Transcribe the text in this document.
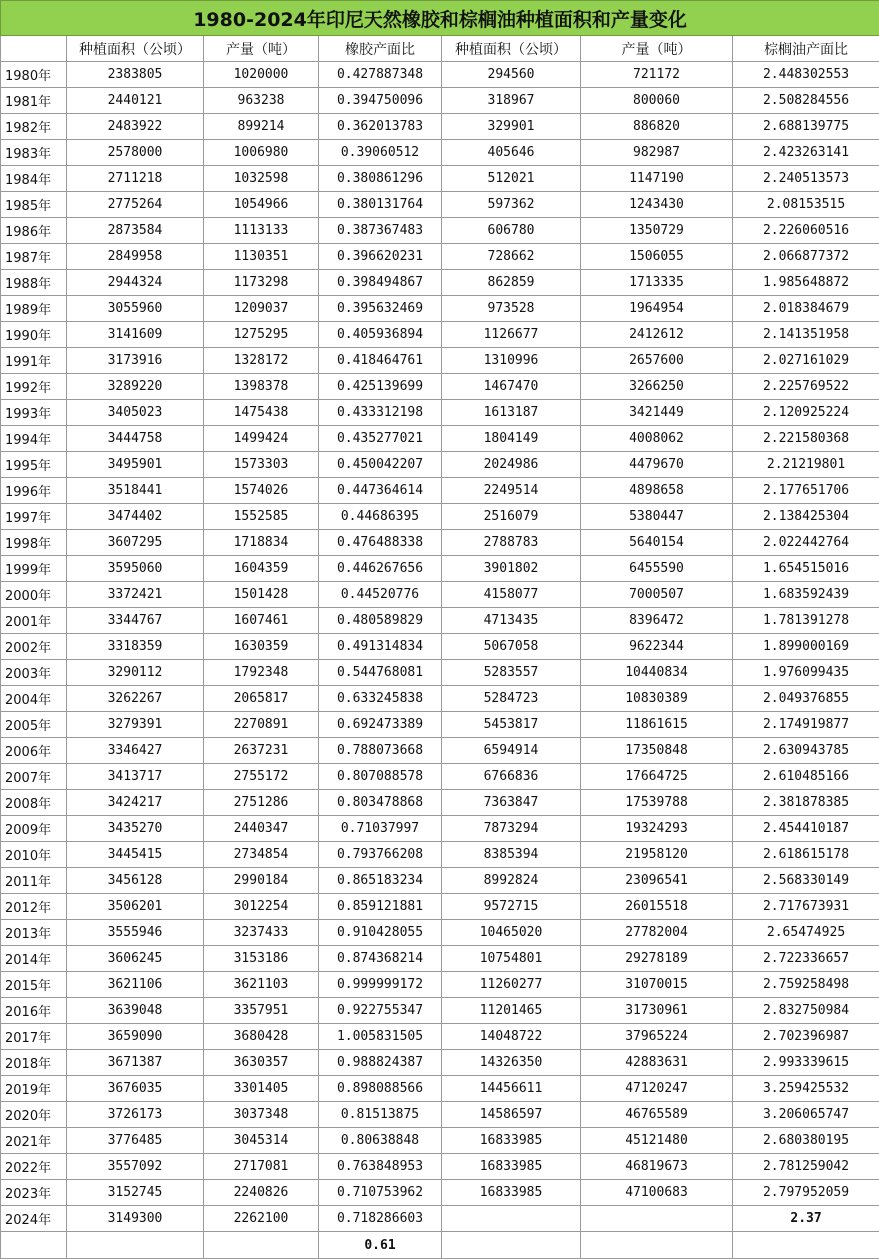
1980-2024年印尼天然橡胶和棕榈油种植面积和产量变化						
	种植面积（公顷）	产量（吨）	橡胶产面比	种植面积（公顷）	产量（吨）	棕榈油产面比
1980年	2383805	1020000	0.427887348	294560	721172	2.448302553
1981年	2440121	963238	0.394750096	318967	800060	2.508284556
1982年	2483922	899214	0.362013783	329901	886820	2.688139775
1983年	2578000	1006980	0.39060512	405646	982987	2.423263141
1984年	2711218	1032598	0.380861296	512021	1147190	2.240513573
1985年	2775264	1054966	0.380131764	597362	1243430	2.08153515
1986年	2873584	1113133	0.387367483	606780	1350729	2.226060516
1987年	2849958	1130351	0.396620231	728662	1506055	2.066877372
1988年	2944324	1173298	0.398494867	862859	1713335	1.985648872
1989年	3055960	1209037	0.395632469	973528	1964954	2.018384679
1990年	3141609	1275295	0.405936894	1126677	2412612	2.141351958
1991年	3173916	1328172	0.418464761	1310996	2657600	2.027161029
1992年	3289220	1398378	0.425139699	1467470	3266250	2.225769522
1993年	3405023	1475438	0.433312198	1613187	3421449	2.120925224
1994年	3444758	1499424	0.435277021	1804149	4008062	2.221580368
1995年	3495901	1573303	0.450042207	2024986	4479670	2.21219801
1996年	3518441	1574026	0.447364614	2249514	4898658	2.177651706
1997年	3474402	1552585	0.44686395	2516079	5380447	2.138425304
1998年	3607295	1718834	0.476488338	2788783	5640154	2.022442764
1999年	3595060	1604359	0.446267656	3901802	6455590	1.654515016
2000年	3372421	1501428	0.44520776	4158077	7000507	1.683592439
2001年	3344767	1607461	0.480589829	4713435	8396472	1.781391278
2002年	3318359	1630359	0.491314834	5067058	9622344	1.899000169
2003年	3290112	1792348	0.544768081	5283557	10440834	1.976099435
2004年	3262267	2065817	0.633245838	5284723	10830389	2.049376855
2005年	3279391	2270891	0.692473389	5453817	11861615	2.174919877
2006年	3346427	2637231	0.788073668	6594914	17350848	2.630943785
2007年	3413717	2755172	0.807088578	6766836	17664725	2.610485166
2008年	3424217	2751286	0.803478868	7363847	17539788	2.381878385
2009年	3435270	2440347	0.71037997	7873294	19324293	2.454410187
2010年	3445415	2734854	0.793766208	8385394	21958120	2.618615178
2011年	3456128	2990184	0.865183234	8992824	23096541	2.568330149
2012年	3506201	3012254	0.859121881	9572715	26015518	2.717673931
2013年	3555946	3237433	0.910428055	10465020	27782004	2.65474925
2014年	3606245	3153186	0.874368214	10754801	29278189	2.722336657
2015年	3621106	3621103	0.999999172	11260277	31070015	2.759258498
2016年	3639048	3357951	0.922755347	11201465	31730961	2.832750984
2017年	3659090	3680428	1.005831505	14048722	37965224	2.702396987
2018年	3671387	3630357	0.988824387	14326350	42883631	2.993339615
2019年	3676035	3301405	0.898088566	14456611	47120247	3.259425532
2020年	3726173	3037348	0.81513875	14586597	46765589	3.206065747
2021年	3776485	3045314	0.80638848	16833985	45121480	2.680380195
2022年	3557092	2717081	0.763848953	16833985	46819673	2.781259042
2023年	3152745	2240826	0.710753962	16833985	47100683	2.797952059
2024年	3149300	2262100	0.718286603			2.37
			0.61			
